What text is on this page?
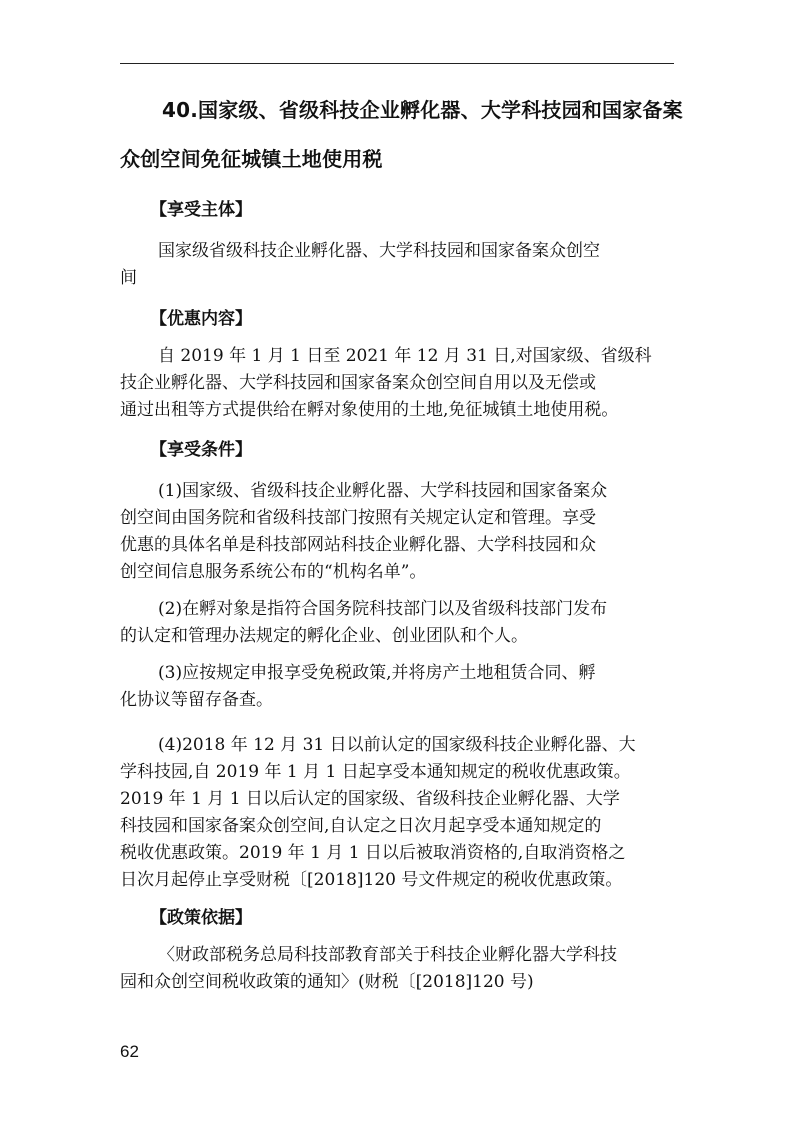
40.国家级、省级科技企业孵化器、大学科技园和国家备案
众创空间免征城镇土地使用税
【享受主体】
国家级省级科技企业孵化器、大学科技园和国家备案众创空
间
【优惠内容】
自 2019 年 1 月 1 日至 2021 年 12 月 31 日,对国家级、省级科
技企业孵化器、大学科技园和国家备案众创空间自用以及无偿或
通过出租等方式提供给在孵对象使用的土地,免征城镇土地使用税。
【享受条件】
(1)国家级、省级科技企业孵化器、大学科技园和国家备案众
创空间由国务院和省级科技部门按照有关规定认定和管理。享受
优惠的具体名单是科技部网站科技企业孵化器、大学科技园和众
创空间信息服务系统公布的“机构名单”。
(2)在孵对象是指符合国务院科技部门以及省级科技部门发布
的认定和管理办法规定的孵化企业、创业团队和个人。
(3)应按规定申报享受免税政策,并将房产土地租赁合同、孵
化协议等留存备查。
(4)2018 年 12 月 31 日以前认定的国家级科技企业孵化器、大
学科技园,自 2019 年 1 月 1 日起享受本通知规定的税收优惠政策。
2019 年 1 月 1 日以后认定的国家级、省级科技企业孵化器、大学
科技园和国家备案众创空间,自认定之日次月起享受本通知规定的
税收优惠政策。2019 年 1 月 1 日以后被取消资格的,自取消资格之
日次月起停止享受财税〔[2018]120 号文件规定的税收优惠政策。
【政策依据】
〈财政部税务总局科技部教育部关于科技企业孵化器大学科技
园和众创空间税收政策的通知〉(财税〔[2018]120 号)
62
